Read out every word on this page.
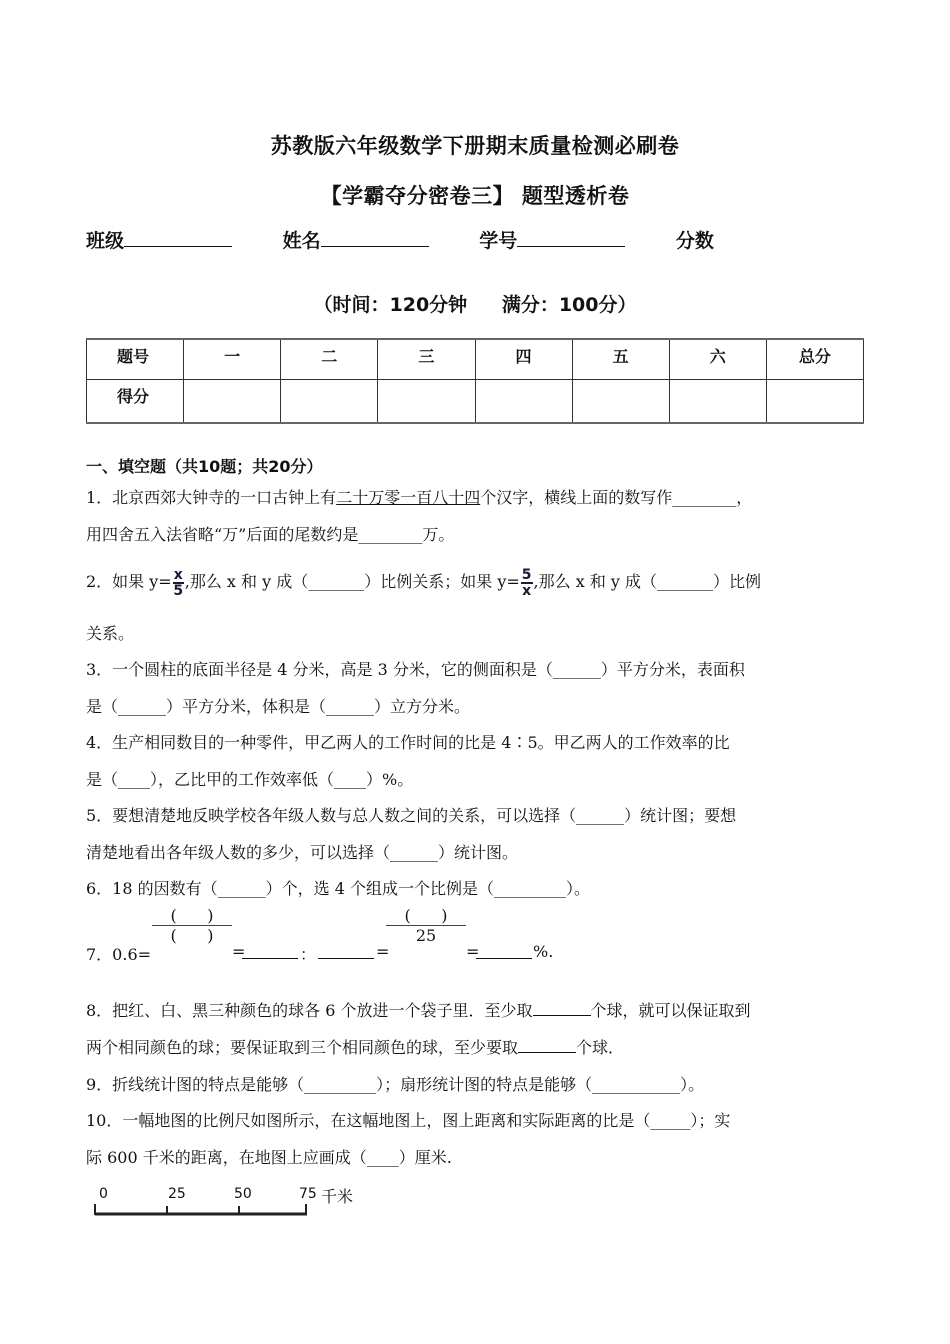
苏教版六年级数学下册期末质量检测必刷卷
【学霸夺分密卷三】 题型透析卷
班级	姓名	学号	分数
（时间：120分钟 满分：100分）
题号	一	二	三	四	五	六	总分
得分							
一、填空题（共10题；共20分）
1．北京西郊大钟寺的一口古钟上有二十万零一百八十四个汉字，横线上面的数写作________，
用四舍五入法省略“万”后面的尾数约是________万。
2．如果 $y= \frac{x}{5}$ ,那么 x 和 y 成（_______）比例关系；如果 $y= \frac{5}{x}$ ,那么 x 和 y 成（_______）比例
关系。
3．一个圆柱的底面半径是 4 分米，高是 3 分米，它的侧面积是（______）平方分米，表面积
是（______）平方分米，体积是（______）立方分米。
4．生产相同数目的一种零件，甲乙两人的工作时间的比是 4∶5。甲乙两人的工作效率的比
是（____），乙比甲的工作效率低（____）%。
5．要想清楚地反映学校各年级人数与总人数之间的关系，可以选择（______）统计图；要想
清楚地看出各年级人数的多少，可以选择（______）统计图。
6．18 的因数有（______）个，选 4 个组成一个比例是（_________）。
7．0.6=
(      )
(      )
=	：	=
(      )
25
=	%.
8．把红、白、黑三种颜色的球各 6 个放进一个袋子里．至少取	个球，就可以保证取到
两个相同颜色的球；要保证取到三个相同颜色的球，至少要取	个球．
9．折线统计图的特点是能够（_________）；扇形统计图的特点是能够（___________）。
10．一幅地图的比例尺如图所示，在这幅地图上，图上距离和实际距离的比是（_____）；实
际 600 千米的距离，在地图上应画成（____）厘米.
0	25	50	75 千米
